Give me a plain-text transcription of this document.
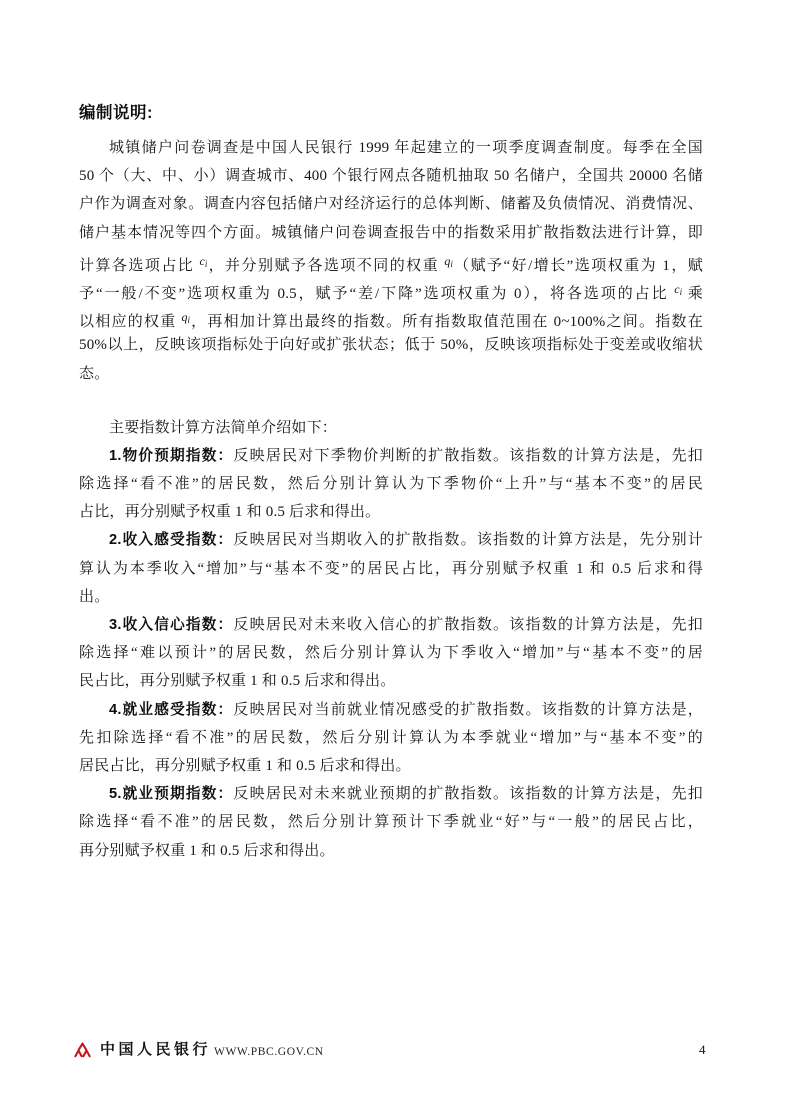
编制说明:
城镇储户问卷调查是中国人民银行 1999 年起建立的一项季度调查制度。每季在全国
50 个（大、中、小）调查城市、400 个银行网点各随机抽取 50 名储户，全国共 20000 名储
户作为调查对象。调查内容包括储户对经济运行的总体判断、储蓄及负债情况、消费情况、
储户基本情况等四个方面。城镇储户问卷调查报告中的指数采用扩散指数法进行计算，即
计算各选项占比 $^{ci}$，并分别赋予各选项不同的权重 $^{qi}$（赋予“好/增长”选项权重为 1，赋
予“一般/不变”选项权重为 0.5，赋予“差/下降”选项权重为 0），将各选项的占比 $^{ci}$ 乘
以相应的权重 $^{qi}$，再相加计算出最终的指数。所有指数取值范围在 0~100%之间。指数在
50%以上，反映该项指标处于向好或扩张状态；低于 50%，反映该项指标处于变差或收缩状
态。
主要指数计算方法简单介绍如下：
1.物价预期指数：反映居民对下季物价判断的扩散指数。该指数的计算方法是，先扣
除选择“看不准”的居民数，然后分别计算认为下季物价“上升”与“基本不变”的居民
占比，再分别赋予权重 1 和 0.5 后求和得出。
2.收入感受指数：反映居民对当期收入的扩散指数。该指数的计算方法是，先分别计
算认为本季收入“增加”与“基本不变”的居民占比，再分别赋予权重 1 和 0.5 后求和得
出。
3.收入信心指数：反映居民对未来收入信心的扩散指数。该指数的计算方法是，先扣
除选择“难以预计”的居民数，然后分别计算认为下季收入“增加”与“基本不变”的居
民占比，再分别赋予权重 1 和 0.5 后求和得出。
4.就业感受指数：反映居民对当前就业情况感受的扩散指数。该指数的计算方法是，
先扣除选择“看不准”的居民数，然后分别计算认为本季就业“增加”与“基本不变”的
居民占比，再分别赋予权重 1 和 0.5 后求和得出。
5.就业预期指数：反映居民对未来就业预期的扩散指数。该指数的计算方法是，先扣
除选择“看不准”的居民数，然后分别计算预计下季就业“好”与“一般”的居民占比，
再分别赋予权重 1 和 0.5 后求和得出。
中国人民银行 WWW.PBC.GOV.CN	4
